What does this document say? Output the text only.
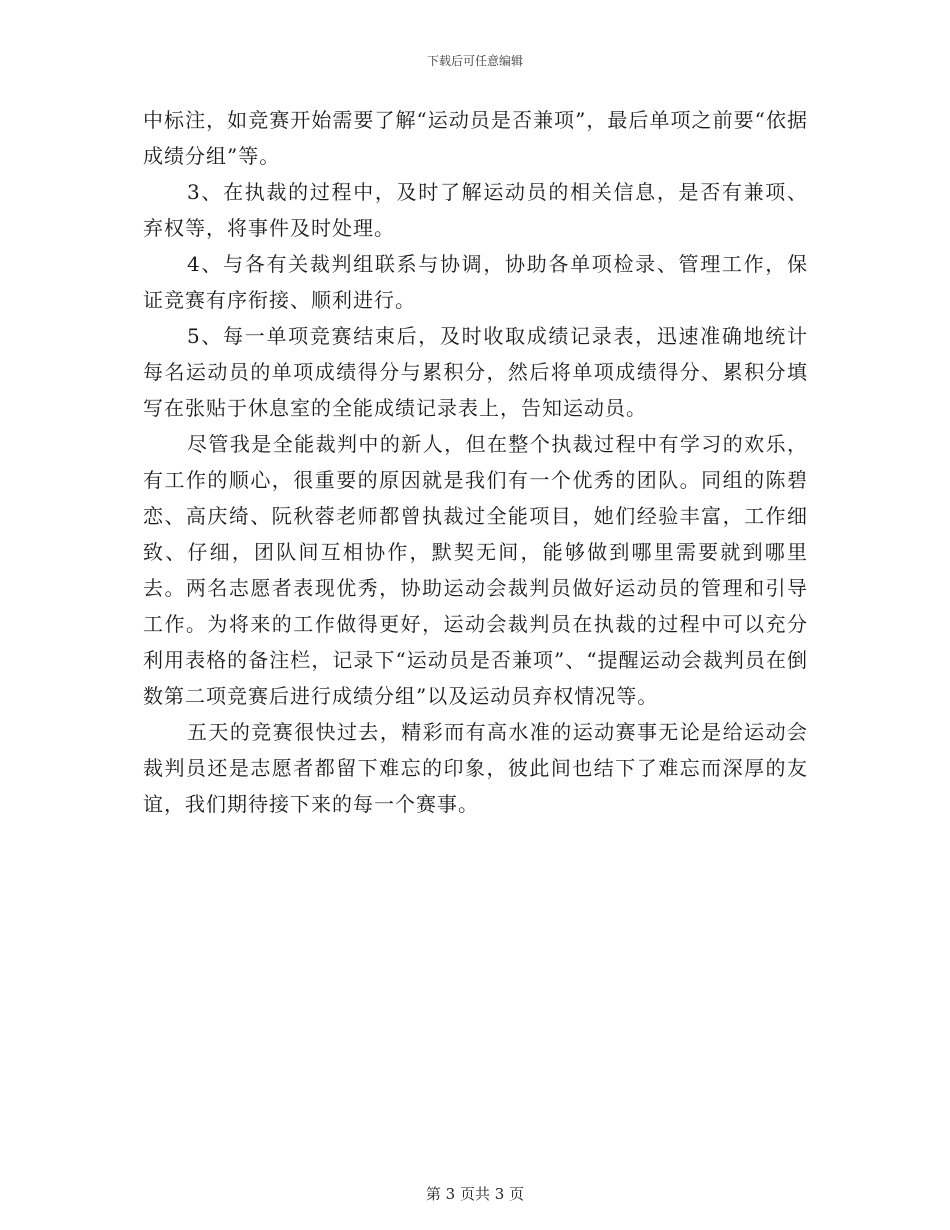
下载后可任意编辑

中标注，如竞赛开始需要了解“运动员是否兼项”，最后单项之前要“依据成绩分组”等。

3、在执裁的过程中，及时了解运动员的相关信息，是否有兼项、弃权等，将事件及时处理。

4、与各有关裁判组联系与协调，协助各单项检录、管理工作，保证竞赛有序衔接、顺利进行。

5、每一单项竞赛结束后，及时收取成绩记录表，迅速准确地统计每名运动员的单项成绩得分与累积分，然后将单项成绩得分、累积分填写在张贴于休息室的全能成绩记录表上，告知运动员。

尽管我是全能裁判中的新人，但在整个执裁过程中有学习的欢乐，有工作的顺心，很重要的原因就是我们有一个优秀的团队。同组的陈碧恋、高庆绮、阮秋蓉老师都曾执裁过全能项目，她们经验丰富，工作细致、仔细，团队间互相协作，默契无间，能够做到哪里需要就到哪里去。两名志愿者表现优秀，协助运动会裁判员做好运动员的管理和引导工作。为将来的工作做得更好，运动会裁判员在执裁的过程中可以充分利用表格的备注栏，记录下“运动员是否兼项”、“提醒运动会裁判员在倒数第二项竞赛后进行成绩分组”以及运动员弃权情况等。

五天的竞赛很快过去，精彩而有高水准的运动赛事无论是给运动会裁判员还是志愿者都留下难忘的印象，彼此间也结下了难忘而深厚的友谊，我们期待接下来的每一个赛事。

第 3 页共 3 页
